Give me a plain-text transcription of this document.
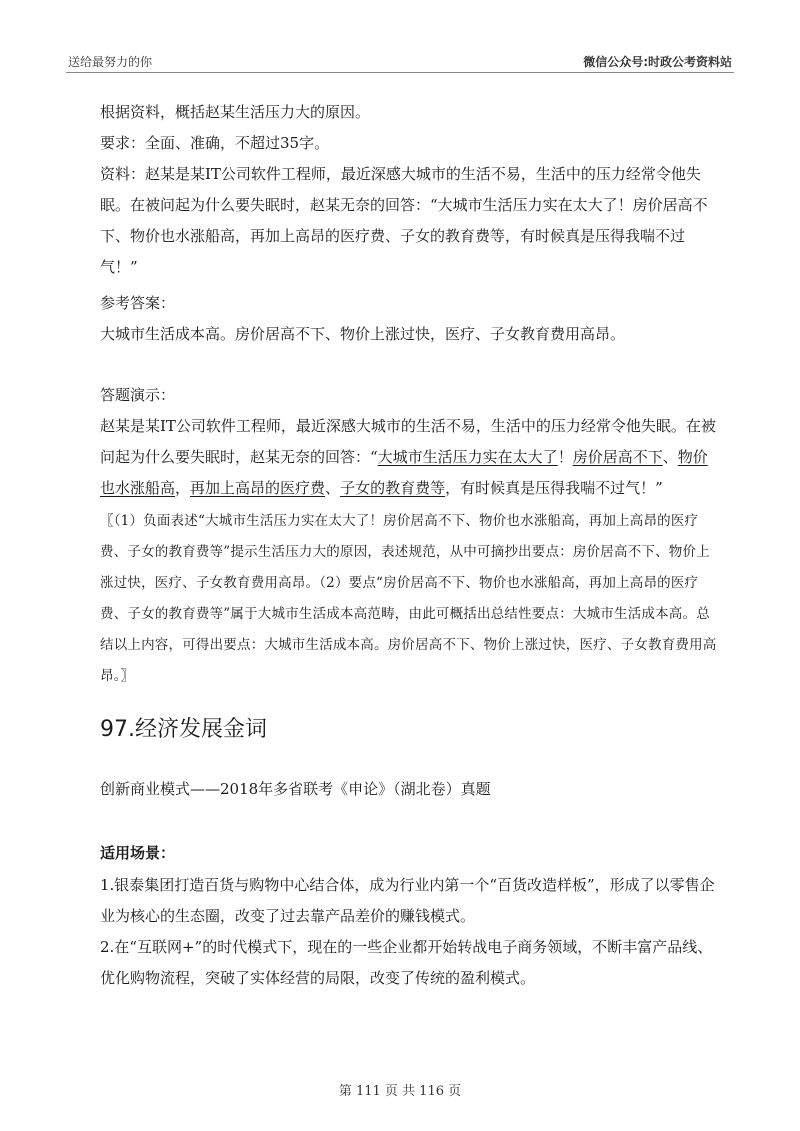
送给最努力的你	微信公众号:时政公考资料站

根据资料，概括赵某生活压力大的原因。

要求：全面、准确，不超过35字。

资料：赵某是某IT公司软件工程师，最近深感大城市的生活不易，生活中的压力经常令他失眠。在被问起为什么要失眠时，赵某无奈的回答：“大城市生活压力实在太大了！房价居高不下、物价也水涨船高，再加上高昂的医疗费、子女的教育费等，有时候真是压得我喘不过气！”

参考答案：

大城市生活成本高。房价居高不下、物价上涨过快，医疗、子女教育费用高昂。

答题演示：

赵某是某IT公司软件工程师，最近深感大城市的生活不易，生活中的压力经常令他失眠。在被问起为什么要失眠时，赵某无奈的回答：“大城市生活压力实在太大了！房价居高不下、物价也水涨船高，再加上高昂的医疗费、子女的教育费等，有时候真是压得我喘不过气！”

〖（1）负面表述“大城市生活压力实在太大了！房价居高不下、物价也水涨船高，再加上高昂的医疗费、子女的教育费等”提示生活压力大的原因，表述规范，从中可摘抄出要点：房价居高不下、物价上涨过快，医疗、子女教育费用高昂。（2）要点“房价居高不下、物价也水涨船高，再加上高昂的医疗费、子女的教育费等”属于大城市生活成本高范畴，由此可概括出总结性要点：大城市生活成本高。总结以上内容，可得出要点：大城市生活成本高。房价居高不下、物价上涨过快，医疗、子女教育费用高昂。〗

97.经济发展金词

创新商业模式——2018年多省联考《申论》（湖北卷）真题

适用场景：

1.银泰集团打造百货与购物中心结合体，成为行业内第一个“百货改造样板”，形成了以零售企业为核心的生态圈，改变了过去靠产品差价的赚钱模式。

2.在“互联网+”的时代模式下，现在的一些企业都开始转战电子商务领域，不断丰富产品线、优化购物流程，突破了实体经营的局限，改变了传统的盈利模式。

第 111 页 共 116 页
